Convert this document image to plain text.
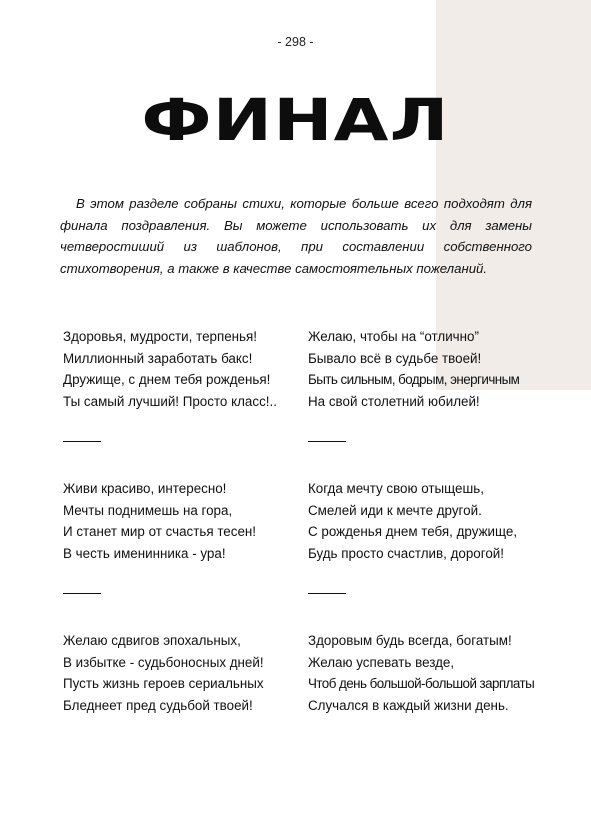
- 298 -
ФИНАЛ

В этом разделе собраны стихи, которые больше всего подходят для финала поздравления. Вы можете использовать их для замены четверостиший из шаблонов, при составлении собственного стихотворения, а также в качестве самостоятельных пожеланий.

Здоровья, мудрости, терпенья!
Миллионный заработать бакс!
Дружище, с днем тебя рожденья!
Ты самый лучший! Просто класс!..
Живи красиво, интересно!
Мечты поднимешь на гора,
И станет мир от счастья тесен!
В честь именинника - ура!
Желаю сдвигов эпохальных,
В избытке - судьбоносных дней!
Пусть жизнь героев сериальных
Бледнеет пред судьбой твоей!
Желаю, чтобы на “отлично”
Бывало всё в судьбе твоей!
Быть сильным, бодрым, энергичным
На свой столетний юбилей!
Когда мечту свою отыщешь,
Смелей иди к мечте другой.
С рожденья днем тебя, дружище,
Будь просто счастлив, дорогой!
Здоровым будь всегда, богатым!
Желаю успевать везде,
Чтоб день большой-большой зарплаты
Случался в каждый жизни день.
